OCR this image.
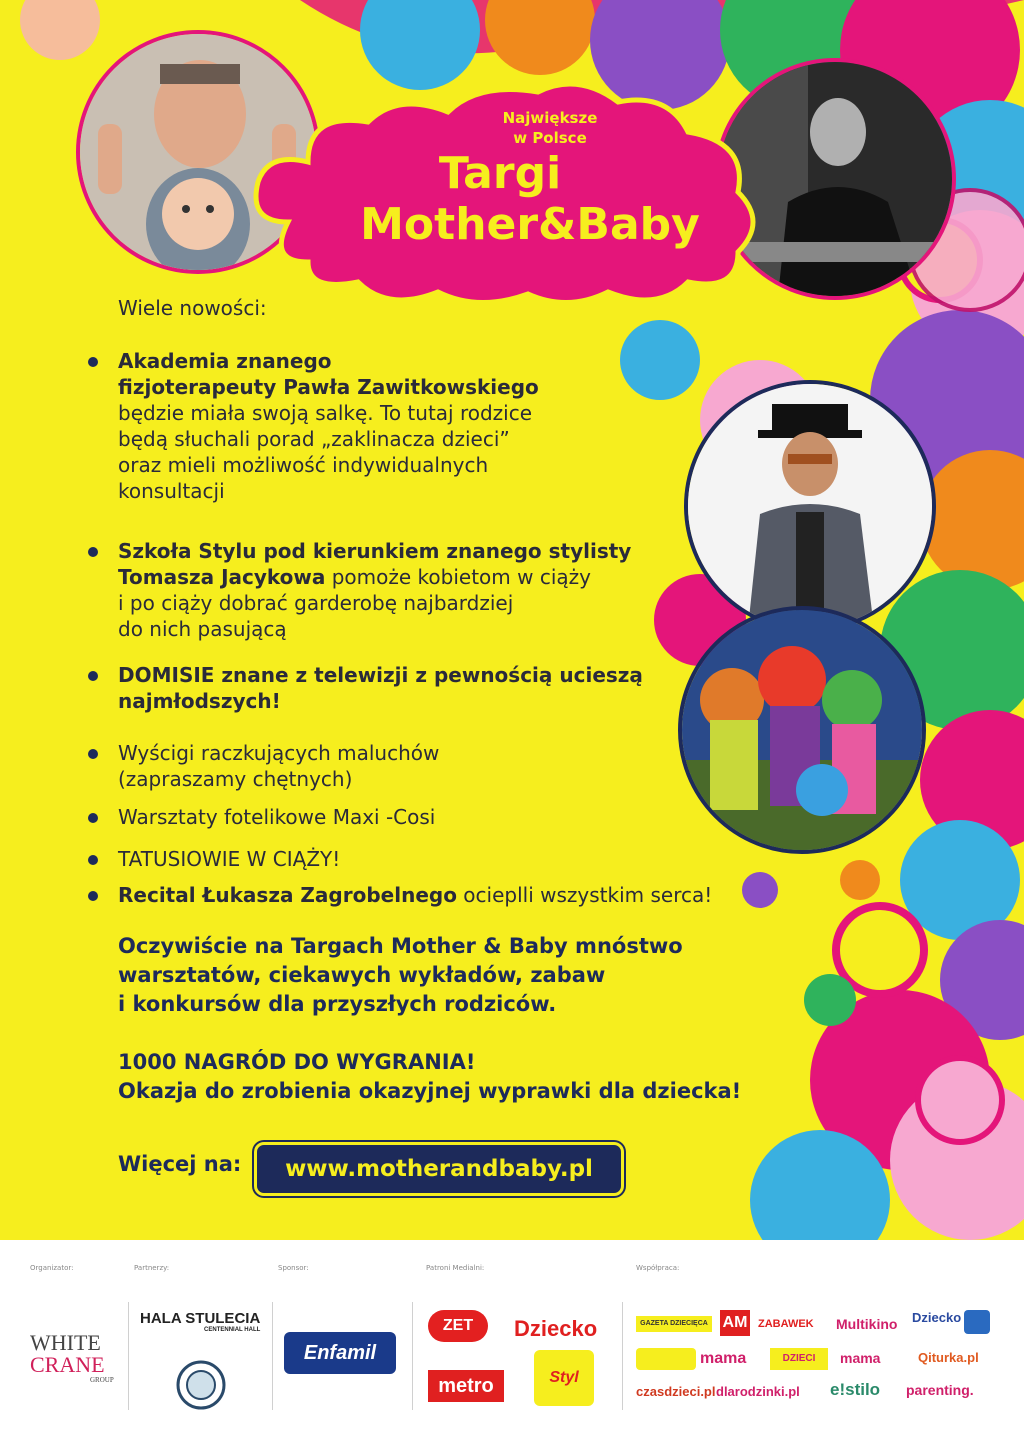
Największe
w Polsce
Targi
Mother&Baby
Wiele nowości:
Akademia znanego
fizjoterapeuty Pawła Zawitkowskiego
będzie miała swoją salkę. To tutaj rodzice
będą słuchali porad „zaklinacza dzieci”
oraz mieli możliwość indywidualnych
konsultacji
Szkoła Stylu pod kierunkiem znanego stylisty
Tomasza Jacykowa pomoże kobietom w ciąży
i po ciąży dobrać garderobę najbardziej
do nich pasującą
DOMISIE znane z telewizji z pewnością ucieszą
najmłodszych!
Wyścigi raczkujących maluchów
(zapraszamy chętnych)
Warsztaty fotelikowe Maxi -Cosi
TATUSIOWIE W CIĄŻY!
Recital Łukasza Zagrobelnego ocieplli wszystkim serca!
Oczywiście na Targach Mother & Baby mnóstwo
warsztatów, ciekawych wykładów, zabaw
i konkursów dla przyszłych rodziców.
1000 NAGRÓD DO WYGRANIA!
Okazja do zrobienia okazyjnej wyprawki dla dziecka!
Więcej na:	www.motherandbaby.pl
Organizator:	Partnerzy:	Sponsor:	Patroni Medialni:	Współpraca:
WHITE
CRANE
GROUP
HALA STULECIA
CENTENNIAL HALL
Enfamil
ZET	Dziecko
metro	Styl
GAZETA DZIECIĘCA AM ZABAWEK Multikino Dziecko
mama	DZIECI	mama	Qiturka.pl
czasdzieci.pl dlarodzinki.pl e!stilo parenting.
